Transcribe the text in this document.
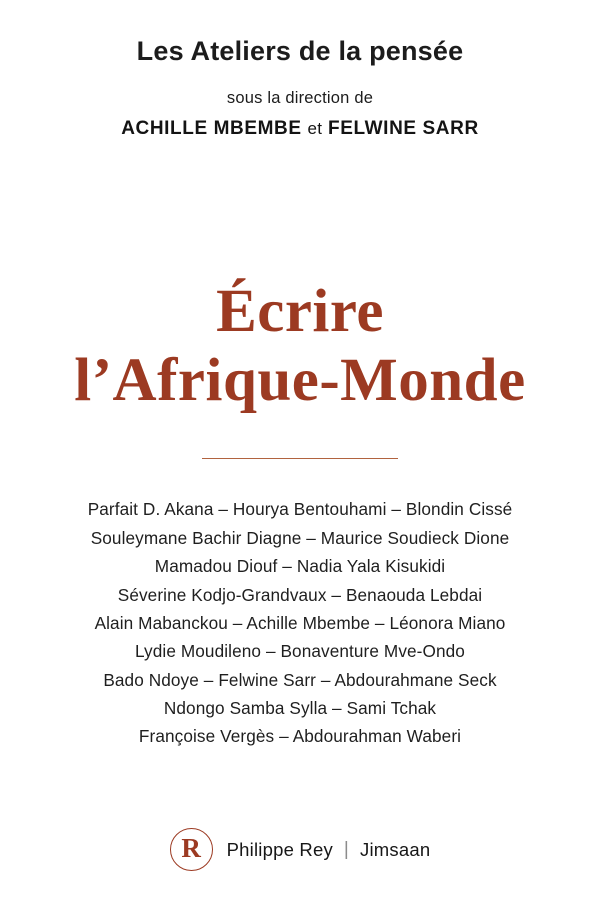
Les Ateliers de la pensée
sous la direction de
ACHILLE MBEMBE et FELWINE SARR
Écrire
l’Afrique-Monde
Parfait D. Akana – Hourya Bentouhami – Blondin Cissé
Souleymane Bachir Diagne – Maurice Soudieck Dione
Mamadou Diouf – Nadia Yala Kisukidi
Séverine Kodjo-Grandvaux – Benaouda Lebdai
Alain Mabanckou – Achille Mbembe – Léonora Miano
Lydie Moudileno – Bonaventure Mve-Ondo
Bado Ndoye – Felwine Sarr – Abdourahmane Seck
Ndongo Samba Sylla – Sami Tchak
Françoise Vergès – Abdourahman Waberi
R	Philippe Rey | Jimsaan
